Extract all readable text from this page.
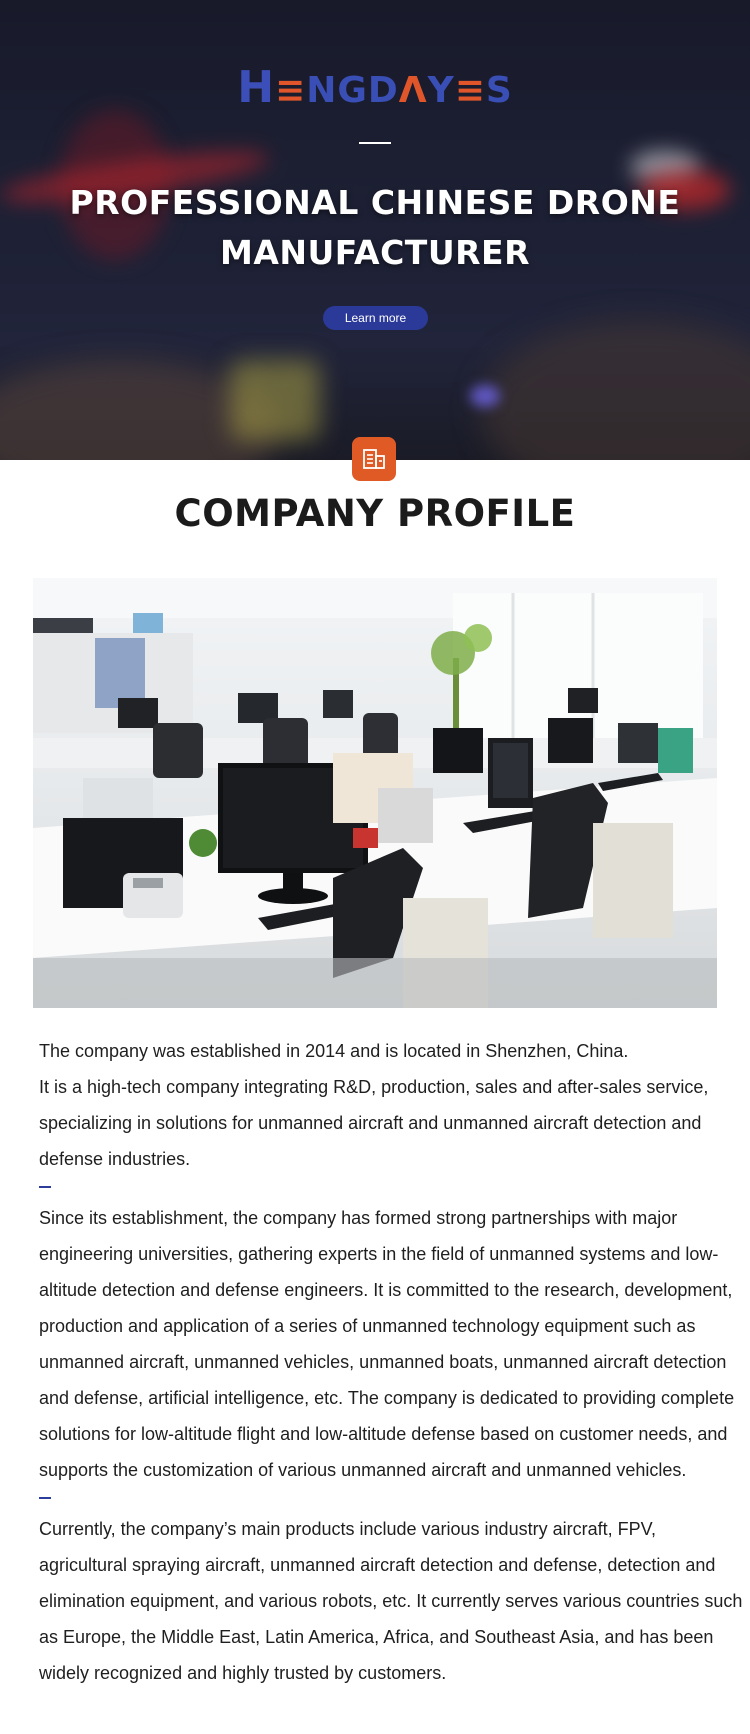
H≡NGDΛY≡S
PROFESSIONAL CHINESE DRONE
MANUFACTURER
Learn more
COMPANY PROFILE

The company was established in 2014 and is located in Shenzhen, China.
It is a high-tech company integrating R&D, production, sales and after-sales service, specializing in solutions for unmanned aircraft and unmanned aircraft detection and defense industries.

Since its establishment, the company has formed strong partnerships with major engineering universities, gathering experts in the field of unmanned systems and low-altitude detection and defense engineers. It is committed to the research, development, production and application of a series of unmanned technology equipment such as unmanned aircraft, unmanned vehicles, unmanned boats, unmanned aircraft detection and defense, artificial intelligence, etc. The company is dedicated to providing complete solutions for low-altitude flight and low-altitude defense based on customer needs, and supports the customization of various unmanned aircraft and unmanned vehicles.

Currently, the company’s main products include various industry aircraft, FPV, agricultural spraying aircraft, unmanned aircraft detection and defense, detection and elimination equipment, and various robots, etc. It currently serves various countries such as Europe, the Middle East, Latin America, Africa, and Southeast Asia, and has been widely recognized and highly trusted by customers.
